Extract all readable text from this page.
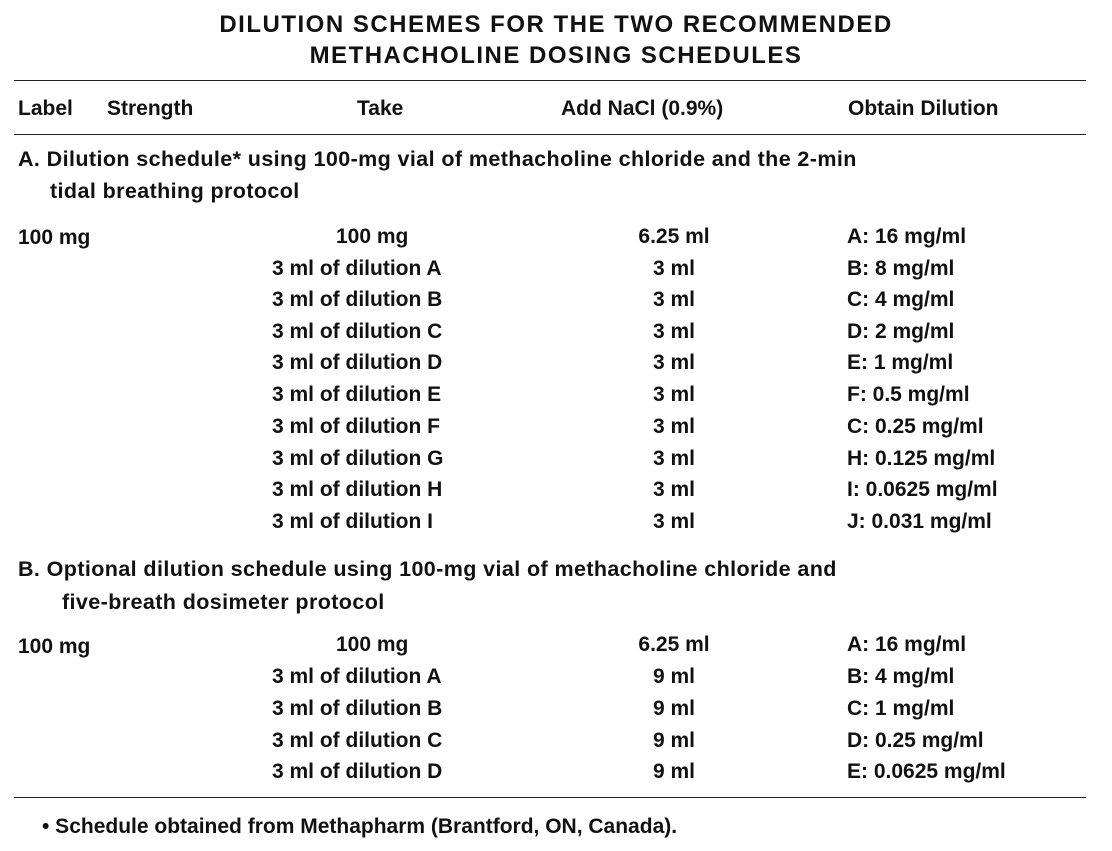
DILUTION SCHEMES FOR THE TWO RECOMMENDED
METHACHOLINE DOSING SCHEDULES
Label Strength	Take	Add NaCl (0.9%)	Obtain Dilution
A. Dilution schedule* using 100-mg vial of methacholine chloride and the 2-min
tidal breathing protocol
100 mg	100 mg	6.25 ml	A: 16 mg/ml
3 ml of dilution A	3 ml	B: 8 mg/ml
3 ml of dilution B	3 ml	C: 4 mg/ml
3 ml of dilution C	3 ml	D: 2 mg/ml
3 ml of dilution D	3 ml	E: 1 mg/ml
3 ml of dilution E	3 ml	F: 0.5 mg/ml
3 ml of dilution F	3 ml	C: 0.25 mg/ml
3 ml of dilution G	3 ml	H: 0.125 mg/ml
3 ml of dilution H	3 ml	I: 0.0625 mg/ml
3 ml of dilution I	3 ml	J: 0.031 mg/ml
B. Optional dilution schedule using 100-mg vial of methacholine chloride and
five-breath dosimeter protocol
100 mg	100 mg	6.25 ml	A: 16 mg/ml
3 ml of dilution A	9 ml	B: 4 mg/ml
3 ml of dilution B	9 ml	C: 1 mg/ml
3 ml of dilution C	9 ml	D: 0.25 mg/ml
3 ml of dilution D	9 ml	E: 0.0625 mg/ml
• Schedule obtained from Methapharm (Brantford, ON, Canada).
